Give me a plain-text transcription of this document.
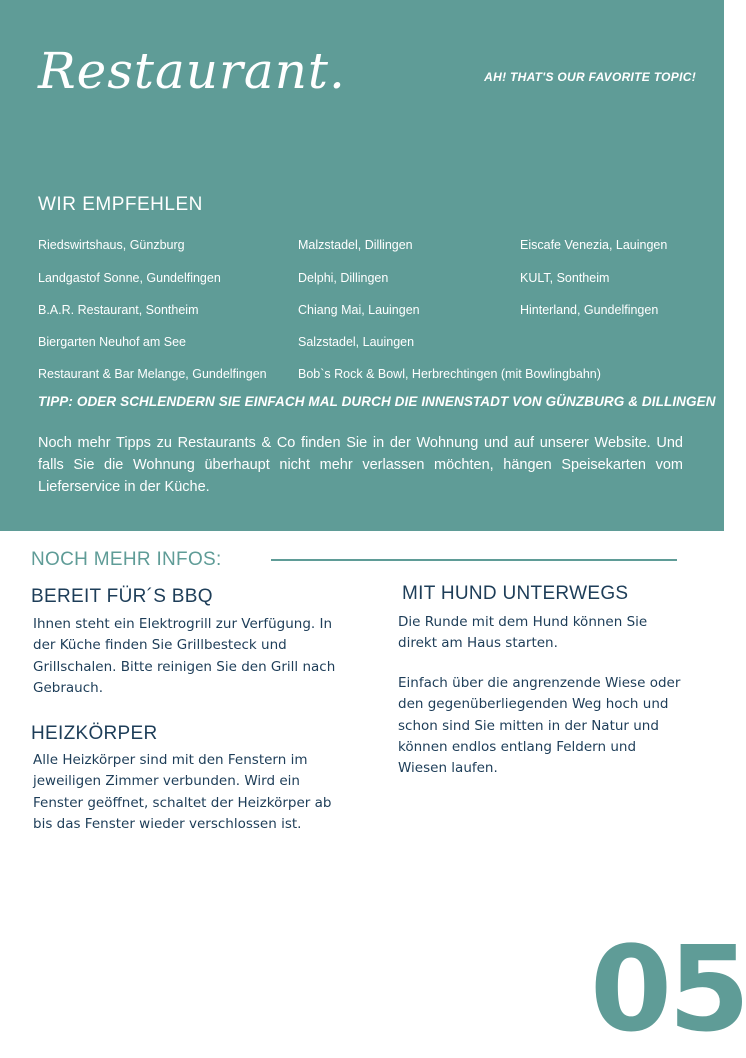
Restaurant.	AH! THAT'S OUR FAVORITE TOPIC!
WIR EMPFEHLEN
Riedswirtshaus, Günzburg
Landgastof Sonne, Gundelfingen
B.A.R. Restaurant, Sontheim
Biergarten Neuhof am See
Restaurant & Bar Melange, Gundelfingen
Malzstadel, Dillingen
Delphi, Dillingen
Chiang Mai, Lauingen
Salzstadel, Lauingen
Bob`s Rock & Bowl, Herbrechtingen (mit Bowlingbahn)
Eiscafe Venezia, Lauingen
KULT, Sontheim
Hinterland, Gundelfingen
TIPP: ODER SCHLENDERN SIE EINFACH MAL DURCH DIE INNENSTADT VON GÜNZBURG & DILLINGEN
Noch mehr Tipps zu Restaurants & Co finden Sie in der Wohnung und auf unserer Website. Und falls Sie die Wohnung überhaupt nicht mehr verlassen möchten, hängen Speisekarten vom Lieferservice in der Küche.
NOCH MEHR INFOS:
BEREIT FÜR´S BBQ
Ihnen steht ein Elektrogrill zur Verfügung. In der Küche finden Sie Grillbesteck und Grillschalen. Bitte reinigen Sie den Grill nach Gebrauch.
HEIZKÖRPER
Alle Heizkörper sind mit den Fenstern im jeweiligen Zimmer verbunden. Wird ein Fenster geöffnet, schaltet der Heizkörper ab bis das Fenster wieder verschlossen ist.
MIT HUND UNTERWEGS
Die Runde mit dem Hund können Sie direkt am Haus starten.
Einfach über die angrenzende Wiese oder den gegenüberliegenden Weg hoch und schon sind Sie mitten in der Natur und können endlos entlang Feldern und Wiesen laufen.
05
